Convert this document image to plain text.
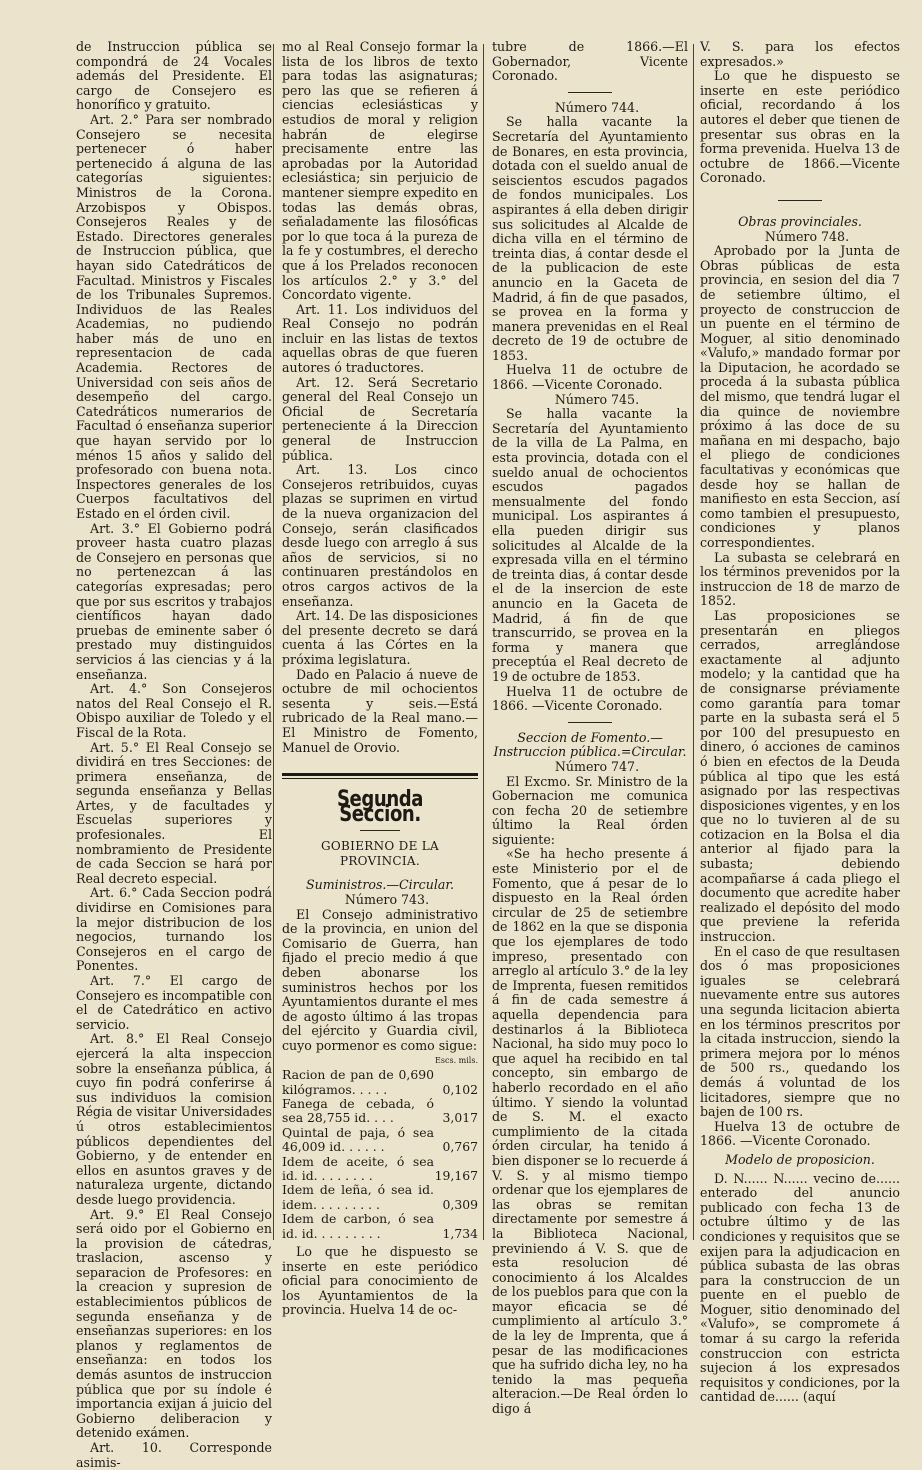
de Instruccion pública se compondrá de 24 Vocales además del Presidente. El cargo de Consejero es honorífico y gratuito.

Art. 2.° Para ser nombrado Consejero se necesita pertenecer ó haber pertenecido á alguna de las categorías siguientes: Ministros de la Corona. Arzobispos y Obispos. Consejeros Reales y de Estado. Directores generales de Instruccion pública, que hayan sido Catedráticos de Facultad. Ministros y Fiscales de los Tribunales Supremos. Individuos de las Reales Academias, no pudiendo haber más de uno en representacion de cada Academia. Rectores de Universidad con seis años de desempeño del cargo. Catedráticos numerarios de Facultad ó enseñanza superior que hayan servido por lo ménos 15 años y salido del profesorado con buena nota. Inspectores generales de los Cuerpos facultativos del Estado en el órden civil.

Art. 3.° El Gobierno podrá proveer hasta cuatro plazas de Consejero en personas que no pertenezcan á las categorías expresadas; pero que por sus escritos y trabajos científicos hayan dado pruebas de eminente saber ó prestado muy distinguidos servicios á las ciencias y á la enseñanza.

Art. 4.° Son Consejeros natos del Real Consejo el R. Obispo auxiliar de Toledo y el Fiscal de la Rota.

Art. 5.° El Real Consejo se dividirá en tres Secciones: de primera enseñanza, de segunda enseñanza y Bellas Artes, y de facultades y Escuelas superiores y profesionales. El nombramiento de Presidente de cada Seccion se hará por Real decreto especial.

Art. 6.° Cada Seccion podrá dividirse en Comisiones para la mejor distribucion de los negocios, turnando los Consejeros en el cargo de Ponentes.

Art. 7.° El cargo de Consejero es incompatible con el de Catedrático en activo servicio.

Art. 8.° El Real Consejo ejercerá la alta inspeccion sobre la enseñanza pública, á cuyo fin podrá conferirse á sus individuos la comision Régia de visitar Universidades ú otros establecimientos públicos dependientes del Gobierno, y de entender en ellos en asuntos graves y de naturaleza urgente, dictando desde luego providencia.

Art. 9.° El Real Consejo será oido por el Gobierno en la provision de cátedras, traslacion, ascenso y separacion de Profesores: en la creacion y supresion de establecimientos públicos de segunda enseñanza y de enseñanzas superiores: en los planos y reglamentos de enseñanza: en todos los demás asuntos de instruccion pública que por su índole é importancia exijan á juicio del Gobierno deliberacion y detenido exámen.

Art. 10. Corresponde asimis-

mo al Real Consejo formar la lista de los libros de texto para todas las asignaturas; pero las que se refieren á ciencias eclesiásticas y estudios de moral y religion habrán de elegirse precisamente entre las aprobadas por la Autoridad eclesiástica; sin perjuicio de mantener siempre expedito en todas las demás obras, señaladamente las filosóficas por lo que toca á la pureza de la fe y costumbres, el derecho que á los Prelados reconocen los artículos 2.° y 3.° del Concordato vigente.

Art. 11. Los individuos del Real Consejo no podrán incluir en las listas de textos aquellas obras de que fueren autores ó traductores.

Art. 12. Será Secretario general del Real Consejo un Oficial de Secretaría perteneciente á la Direccion general de Instruccion pública.

Art. 13. Los cinco Consejeros retribuidos, cuyas plazas se suprimen en virtud de la nueva organizacion del Consejo, serán clasificados desde luego con arreglo á sus años de servicios, si no continuaren prestándolos en otros cargos activos de la enseñanza.

Art. 14. De las disposiciones del presente decreto se dará cuenta á las Córtes en la próxima legislatura.

Dado en Palacio á nueve de octubre de mil ochocientos sesenta y seis.—Está rubricado de la Real mano.—El Ministro de Fomento, Manuel de Orovio.

Segunda Seccion.
GOBIERNO DE LA PROVINCIA.

Suministros.—Circular.

Número 743.

El Consejo administrativo de la provincia, en union del Comisario de Guerra, han fijado el precio medio á que deben abonarse los suministros hechos por los Ayuntamientos durante el mes de agosto último á las tropas del ejército y Guardia civil, cuyo pormenor es como sigue:

Escs. mils.

Racion de pan de 0,690 kilógramos. . . . .	0,102
Fanega de cebada, ó sea 28,755 id. . . .	3,017
Quintal de paja, ó sea 46,009 id. . . . . .	0,767
Idem de aceite, ó sea id. id. . . . . . . .	19,167
Idem de leña, ó sea id. idem. . . . . . . . .	0,309
Idem de carbon, ó sea id. id. . . . . . . . .	1,734

Lo que he dispuesto se inserte en este periódico oficial para conocimiento de los Ayuntamientos de la provincia. Huelva 14 de oc-

tubre de 1866.—El Gobernador, Vicente Coronado.

Número 744.

Se halla vacante la Secretaría del Ayuntamiento de Bonares, en esta provincia, dotada con el sueldo anual de seiscientos escudos pagados de fondos municipales. Los aspirantes á ella deben dirigir sus solicitudes al Alcalde de dicha villa en el término de treinta dias, á contar desde el de la publicacion de este anuncio en la Gaceta de Madrid, á fin de que pasados, se provea en la forma y manera prevenidas en el Real decreto de 19 de octubre de 1853.

Huelva 11 de octubre de 1866. —Vicente Coronado.

Número 745.

Se halla vacante la Secretaría del Ayuntamiento de la villa de La Palma, en esta provincia, dotada con el sueldo anual de ochocientos escudos pagados mensualmente del fondo municipal. Los aspirantes á ella pueden dirigir sus solicitudes al Alcalde de la expresada villa en el término de treinta dias, á contar desde el de la insercion de este anuncio en la Gaceta de Madrid, á fin de que transcurrido, se provea en la forma y manera que preceptúa el Real decreto de 19 de octubre de 1853.

Huelva 11 de octubre de 1866. —Vicente Coronado.

Seccion de Fomento.—Instruccion pública.=Circular.

Número 747.

El Excmo. Sr. Ministro de la Gobernacion me comunica con fecha 20 de setiembre último la Real órden siguiente:

«Se ha hecho presente á este Ministerio por el de Fomento, que á pesar de lo dispuesto en la Real órden circular de 25 de setiembre de 1862 en la que se disponia que los ejemplares de todo impreso, presentado con arreglo al artículo 3.° de la ley de Imprenta, fuesen remitidos á fin de cada semestre á aquella dependencia para destinarlos á la Biblioteca Nacional, ha sido muy poco lo que aquel ha recibido en tal concepto, sin embargo de haberlo recordado en el año último. Y siendo la voluntad de S. M. el exacto cumplimiento de la citada órden circular, ha tenido á bien disponer se lo recuerde á V. S. y al mismo tiempo ordenar que los ejemplares de las obras se remitan directamente por semestre á la Biblioteca Nacional, previniendo á V. S. que de esta resolucion dé conocimiento á los Alcaldes de los pueblos para que con la mayor eficacia se dé cumplimiento al artículo 3.° de la ley de Imprenta, que á pesar de las modificaciones que ha sufrido dicha ley, no ha tenido la mas pequeña alteracion.—De Real órden lo digo á

V. S. para los efectos expresados.»

Lo que he dispuesto se inserte en este periódico oficial, recordando á los autores el deber que tienen de presentar sus obras en la forma prevenida. Huelva 13 de octubre de 1866.—Vicente Coronado.

Obras provinciales.

Número 748.

Aprobado por la Junta de Obras públicas de esta provincia, en sesion del dia 7 de setiembre último, el proyecto de construccion de un puente en el término de Moguer, al sitio denominado «Valufo,» mandado formar por la Diputacion, he acordado se proceda á la subasta pública del mismo, que tendrá lugar el dia quince de noviembre próximo á las doce de su mañana en mi despacho, bajo el pliego de condiciones facultativas y económicas que desde hoy se hallan de manifiesto en esta Seccion, así como tambien el presupuesto, condiciones y planos correspondientes.

La subasta se celebrará en los términos prevenidos por la instruccion de 18 de marzo de 1852.

Las proposiciones se presentarán en pliegos cerrados, arreglándose exactamente al adjunto modelo; y la cantidad que ha de consignarse préviamente como garantía para tomar parte en la subasta será el 5 por 100 del presupuesto en dinero, ó acciones de caminos ó bien en efectos de la Deuda pública al tipo que les está asignado por las respectivas disposiciones vigentes, y en los que no lo tuvieren al de su cotizacion en la Bolsa el dia anterior al fijado para la subasta; debiendo acompañarse á cada pliego el documento que acredite haber realizado el depósito del modo que previene la referida instruccion.

En el caso de que resultasen dos ó mas proposiciones iguales se celebrará nuevamente entre sus autores una segunda licitacion abierta en los términos prescritos por la citada instruccion, siendo la primera mejora por lo ménos de 500 rs., quedando los demás á voluntad de los licitadores, siempre que no bajen de 100 rs.

Huelva 13 de octubre de 1866. —Vicente Coronado.

Modelo de proposicion.

D. N...... N...... vecino de...... enterado del anuncio publicado con fecha 13 de octubre último y de las condiciones y requisitos que se exijen para la adjudicacion en pública subasta de las obras para la construccion de un puente en el pueblo de Moguer, sitio denominado del «Valufo», se compromete á tomar á su cargo la referida construccion con estricta sujecion á los expresados requisitos y condiciones, por la cantidad de...... (aquí
